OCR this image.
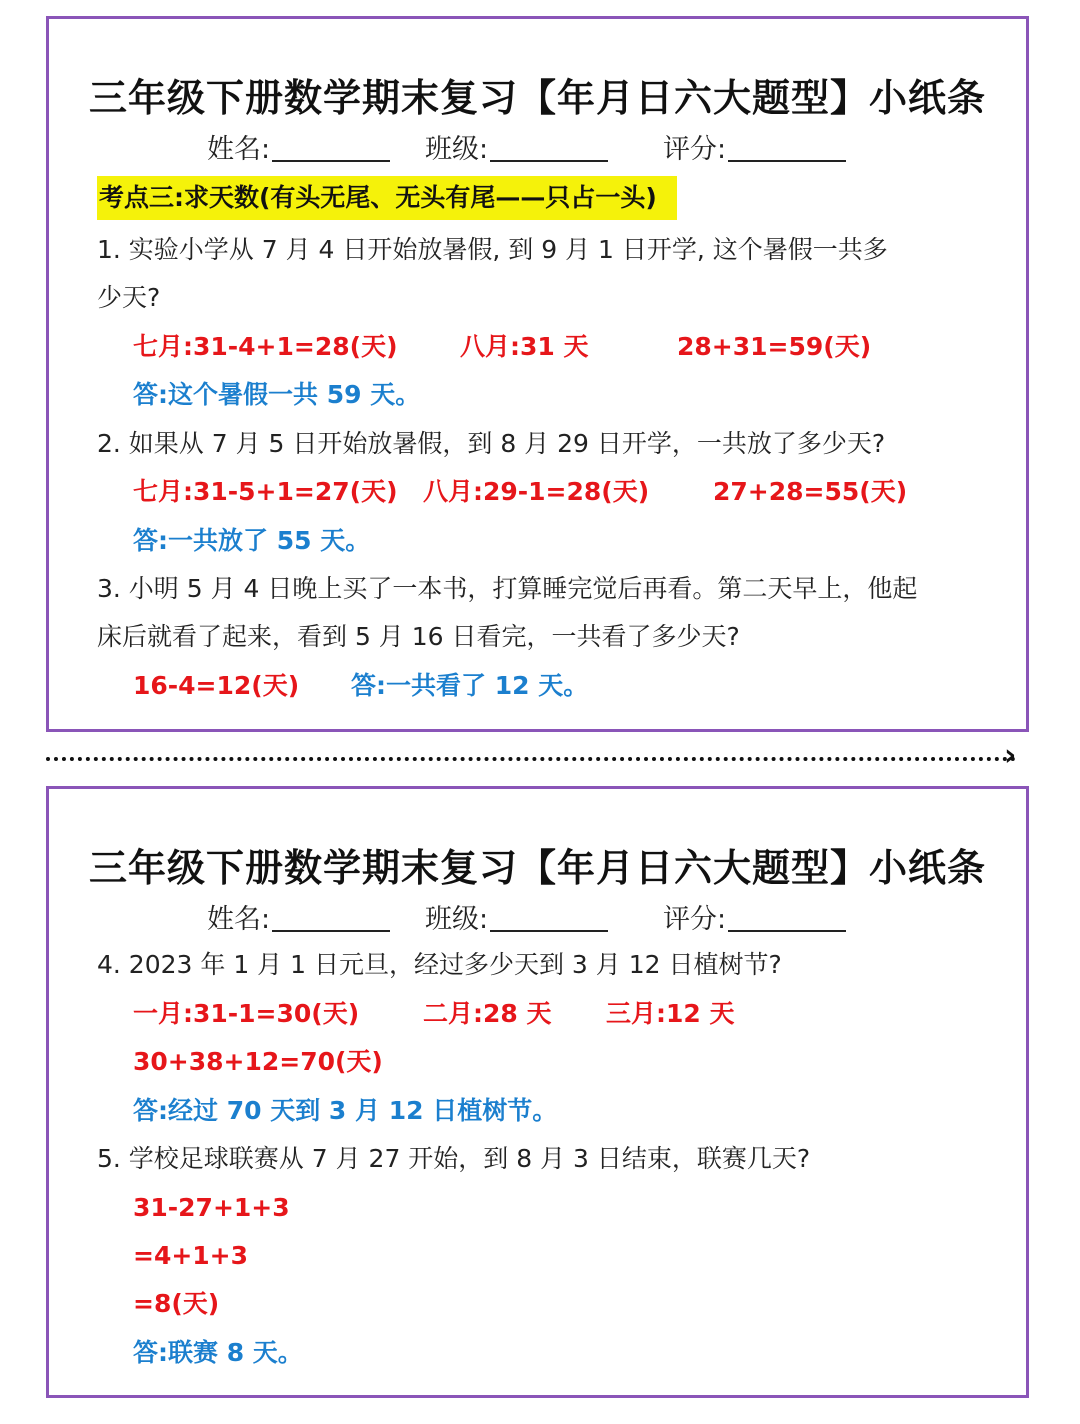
三年级下册数学期末复习【年月日六大题型】小纸条
姓名:	班级:	评分:
考点三:求天数(有头无尾、无头有尾——只占一头)
1. 实验小学从 7 月 4 日开始放暑假, 到 9 月 1 日开学, 这个暑假一共多
少天?
七月:31-4+1=28(天)	八月:31 天	28+31=59(天)
答:这个暑假一共 59 天。
2. 如果从 7 月 5 日开始放暑假，到 8 月 29 日开学，一共放了多少天?
七月:31-5+1=27(天) 八月:29-1=28(天)	27+28=55(天)
答:一共放了 55 天。
3. 小明 5 月 4 日晚上买了一本书，打算睡完觉后再看。第二天早上，他起
床后就看了起来，看到 5 月 16 日看完，一共看了多少天?
16-4=12(天) 答:一共看了 12 天。
›
三年级下册数学期末复习【年月日六大题型】小纸条
姓名:	班级:	评分:
4. 2023 年 1 月 1 日元旦，经过多少天到 3 月 12 日植树节?
一月:31-1=30(天)	二月:28 天 三月:12 天
30+38+12=70(天)
答:经过 70 天到 3 月 12 日植树节。
5. 学校足球联赛从 7 月 27 开始，到 8 月 3 日结束，联赛几天?
31-27+1+3
=4+1+3
=8(天)
答:联赛 8 天。
